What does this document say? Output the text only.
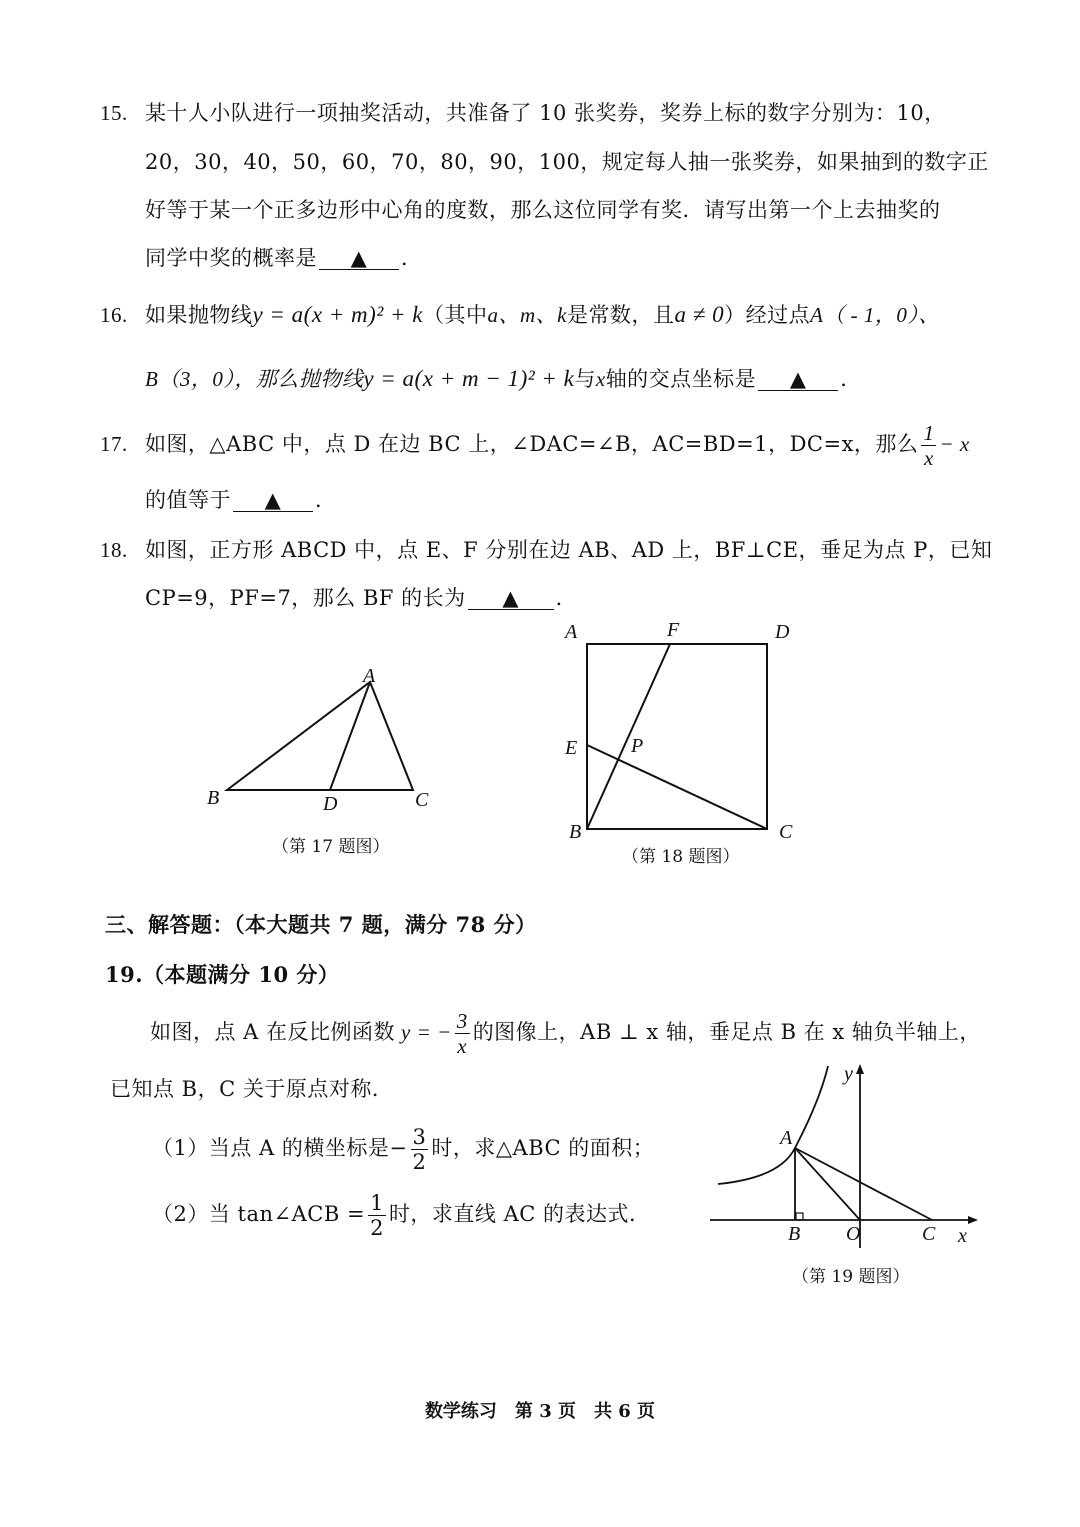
15. 某十人小队进行一项抽奖活动，共准备了 10 张奖券，奖券上标的数字分别为：10，
20，30，40，50，60，70，80，90，100，规定每人抽一张奖券，如果抽到的数字正
好等于某一个正多边形中心角的度数，那么这位同学有奖．请写出第一个上去抽奖的
同学中奖的概率是 ▲ ．
16. 如果抛物线y = a(x + m)² + k（其中a、m、k是常数，且a ≠ 0）经过点A（ - 1，0）、
B（3，0），那么抛物线y = a(x + m − 1)² + k与x轴的交点坐标是 ▲ ．
17. 如图，△ABC 中，点 D 在边 BC 上，∠DAC=∠B，AC=BD=1，DC=x，那么 $\frac{1}{x} - x$
的值等于 ▲ ．
18. 如图，正方形 ABCD 中，点 E、F 分别在边 AB、AD 上，BF⊥CE，垂足为点 P，已知
CP=9，PF=7，那么 BF 的长为 ▲ ．
A
B	C
D
（第 17 题图）
A	F	D
E	P
B	C
（第 18 题图）
三、解答题：（本大题共 7 题，满分 78 分）
19.（本题满分 10 分）
如图，点 A 在反比例函数 y = − $\frac{3}{x}$ 的图像上，AB ⊥ x 轴，垂足点 B 在 x 轴负半轴上，
已知点 B，C 关于原点对称．
（1）当点 A 的横坐标是− $\frac{3}{2}$ 时，求△ABC 的面积；
（2）当 tan∠ACB = $\frac{1}{2}$ 时，求直线 AC 的表达式．
y
x
A
B O	C
（第 19 题图）
数学练习　第 3 页　共 6 页
